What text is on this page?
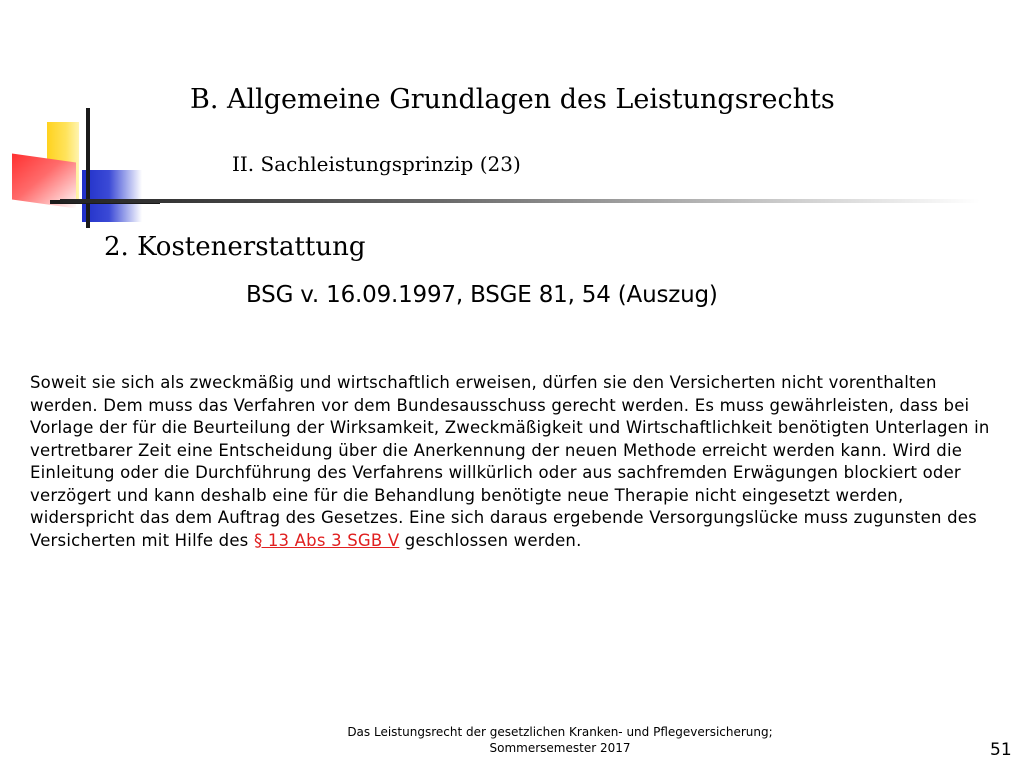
B. Allgemeine Grundlagen des Leistungsrechts
II. Sachleistungsprinzip (23)
2. Kostenerstattung

BSG v. 16.09.1997, BSGE 81, 54 (Auszug)

Soweit sie sich als zweckmäßig und wirtschaftlich erweisen, dürfen sie den Versicherten nicht vorenthalten werden. Dem muss das Verfahren vor dem Bundesausschuss gerecht werden. Es muss gewährleisten, dass bei Vorlage der für die Beurteilung der Wirksamkeit, Zweckmäßigkeit und Wirtschaftlichkeit benötigten Unterlagen in vertretbarer Zeit eine Entscheidung über die Anerkennung der neuen Methode erreicht werden kann. Wird die Einleitung oder die Durchführung des Verfahrens willkürlich oder aus sachfremden Erwägungen blockiert oder verzögert und kann deshalb eine für die Behandlung benötigte neue Therapie nicht eingesetzt werden, widerspricht das dem Auftrag des Gesetzes. Eine sich daraus ergebende Versorgungslücke muss zugunsten des Versicherten mit Hilfe des § 13 Abs 3 SGB V geschlossen werden.

Das Leistungsrecht der gesetzlichen Kranken- und Pflegeversicherung;
Sommersemester 2017	51
